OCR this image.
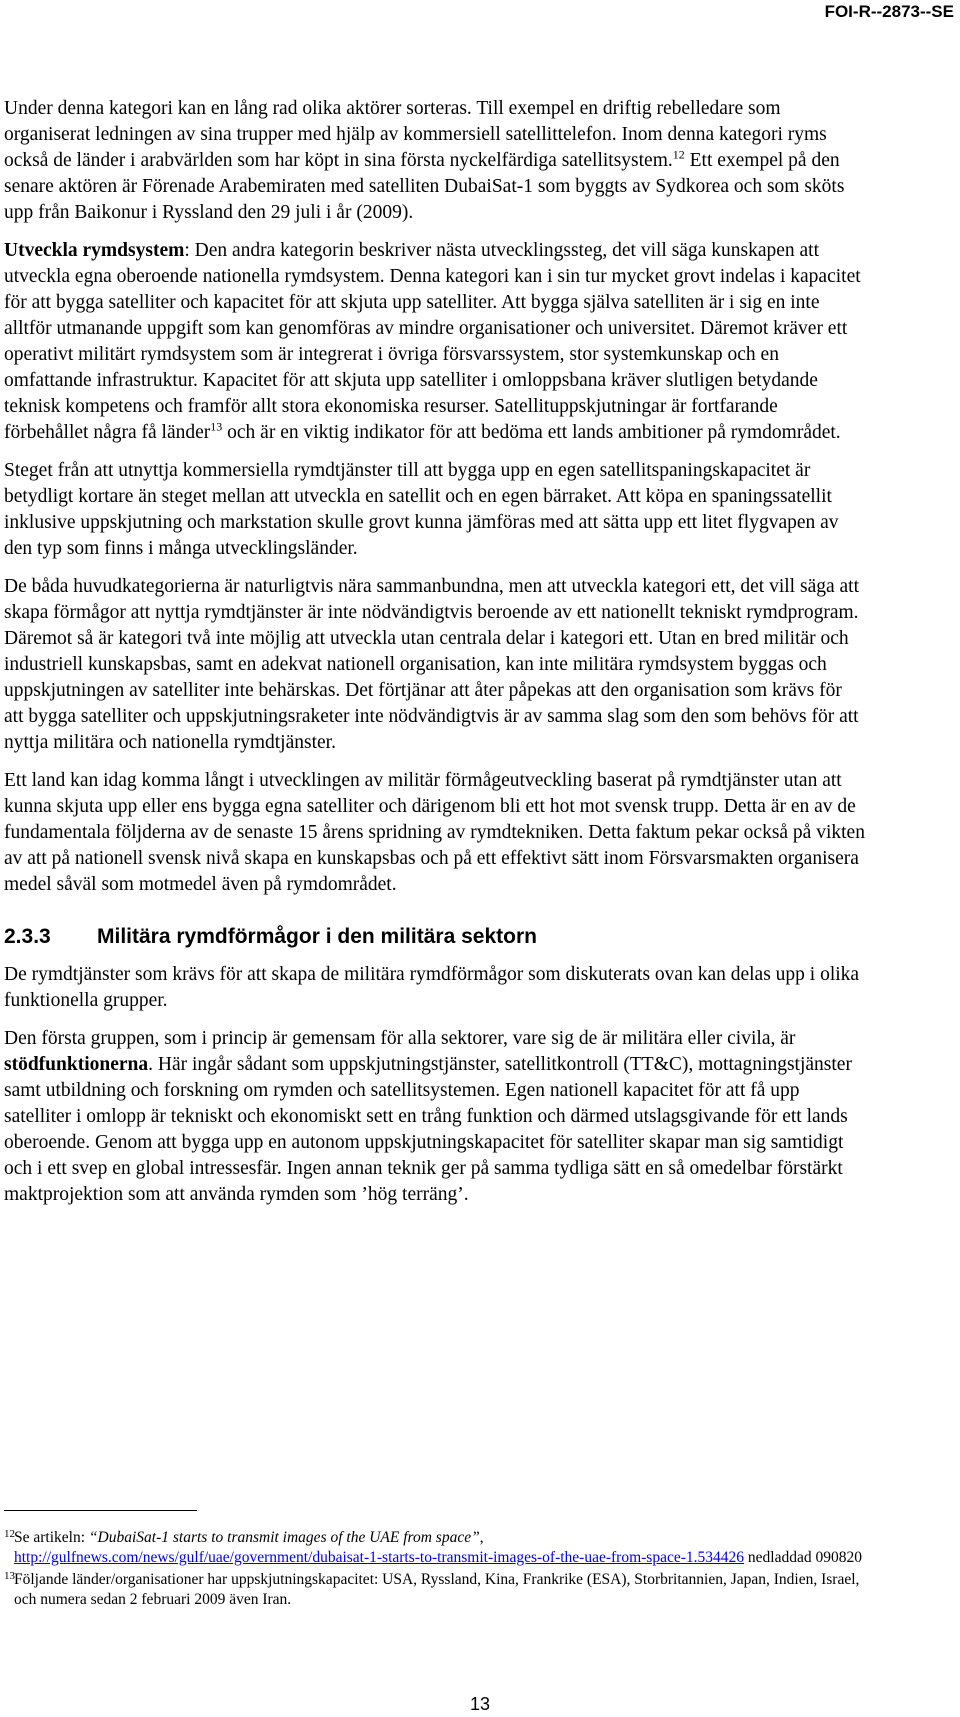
FOI-R--2873--SE

Under denna kategori kan en lång rad olika aktörer sorteras. Till exempel en driftig rebelledare som organiserat ledningen av sina trupper med hjälp av kommersiell satellittelefon. Inom denna kategori ryms också de länder i arabvärlden som har köpt in sina första nyckelfärdiga satellitsystem.$^{12}$ Ett exempel på den senare aktören är Förenade Arabemiraten med satelliten DubaiSat-1 som byggts av Sydkorea och som sköts upp från Baikonur i Ryssland den 29 juli i år (2009).

Utveckla rymdsystem: Den andra kategorin beskriver nästa utvecklingssteg, det vill säga kunskapen att utveckla egna oberoende nationella rymdsystem. Denna kategori kan i sin tur mycket grovt indelas i kapacitet för att bygga satelliter och kapacitet för att skjuta upp satelliter. Att bygga själva satelliten är i sig en inte alltför utmanande uppgift som kan genomföras av mindre organisationer och universitet. Däremot kräver ett operativt militärt rymdsystem som är integrerat i övriga försvarssystem, stor systemkunskap och en omfattande infrastruktur. Kapacitet för att skjuta upp satelliter i omloppsbana kräver slutligen betydande teknisk kompetens och framför allt stora ekonomiska resurser. Satellituppskjutningar är fortfarande förbehållet några få länder$^{13}$ och är en viktig indikator för att bedöma ett lands ambitioner på rymdområdet.

Steget från att utnyttja kommersiella rymdtjänster till att bygga upp en egen satellitspaningskapacitet är betydligt kortare än steget mellan att utveckla en satellit och en egen bärraket. Att köpa en spaningssatellit inklusive uppskjutning och markstation skulle grovt kunna jämföras med att sätta upp ett litet flygvapen av den typ som finns i många utvecklingsländer.

De båda huvudkategorierna är naturligtvis nära sammanbundna, men att utveckla kategori ett, det vill säga att skapa förmågor att nyttja rymdtjänster är inte nödvändigtvis beroende av ett nationellt tekniskt rymdprogram. Däremot så är kategori två inte möjlig att utveckla utan centrala delar i kategori ett. Utan en bred militär och industriell kunskapsbas, samt en adekvat nationell organisation, kan inte militära rymdsystem byggas och uppskjutningen av satelliter inte behärskas. Det förtjänar att åter påpekas att den organisation som krävs för att bygga satelliter och uppskjutningsraketer inte nödvändigtvis är av samma slag som den som behövs för att nyttja militära och nationella rymdtjänster.

Ett land kan idag komma långt i utvecklingen av militär förmågeutveckling baserat på rymdtjänster utan att kunna skjuta upp eller ens bygga egna satelliter och därigenom bli ett hot mot svensk trupp. Detta är en av de fundamentala följderna av de senaste 15 årens spridning av rymdtekniken. Detta faktum pekar också på vikten av att på nationell svensk nivå skapa en kunskapsbas och på ett effektivt sätt inom Försvarsmakten organisera medel såväl som motmedel även på rymdområdet.

2.3.3 Militära rymdförmågor i den militära sektorn

De rymdtjänster som krävs för att skapa de militära rymdförmågor som diskuterats ovan kan delas upp i olika funktionella grupper.

Den första gruppen, som i princip är gemensam för alla sektorer, vare sig de är militära eller civila, är stödfunktionerna. Här ingår sådant som uppskjutningstjänster, satellitkontroll (TT&C), mottagningstjänster samt utbildning och forskning om rymden och satellitsystemen. Egen nationell kapacitet för att få upp satelliter i omlopp är tekniskt och ekonomiskt sett en trång funktion och därmed utslagsgivande för ett lands oberoende. Genom att bygga upp en autonom uppskjutningskapacitet för satelliter skapar man sig samtidigt och i ett svep en global intressesfär. Ingen annan teknik ger på samma tydliga sätt en så omedelbar förstärkt maktprojektion som att använda rymden som ’hög terräng’.

12 Se artikeln: “DubaiSat-1 starts to transmit images of the UAE from space”,
http://gulfnews.com/news/gulf/uae/government/dubaisat-1-starts-to-transmit-images-of-the-uae-from-space-1.534426 nedladdad 090820
13 Följande länder/organisationer har uppskjutningskapacitet: USA, Ryssland, Kina, Frankrike (ESA), Storbritannien, Japan, Indien, Israel, och numera sedan 2 februari 2009 även Iran.
13
